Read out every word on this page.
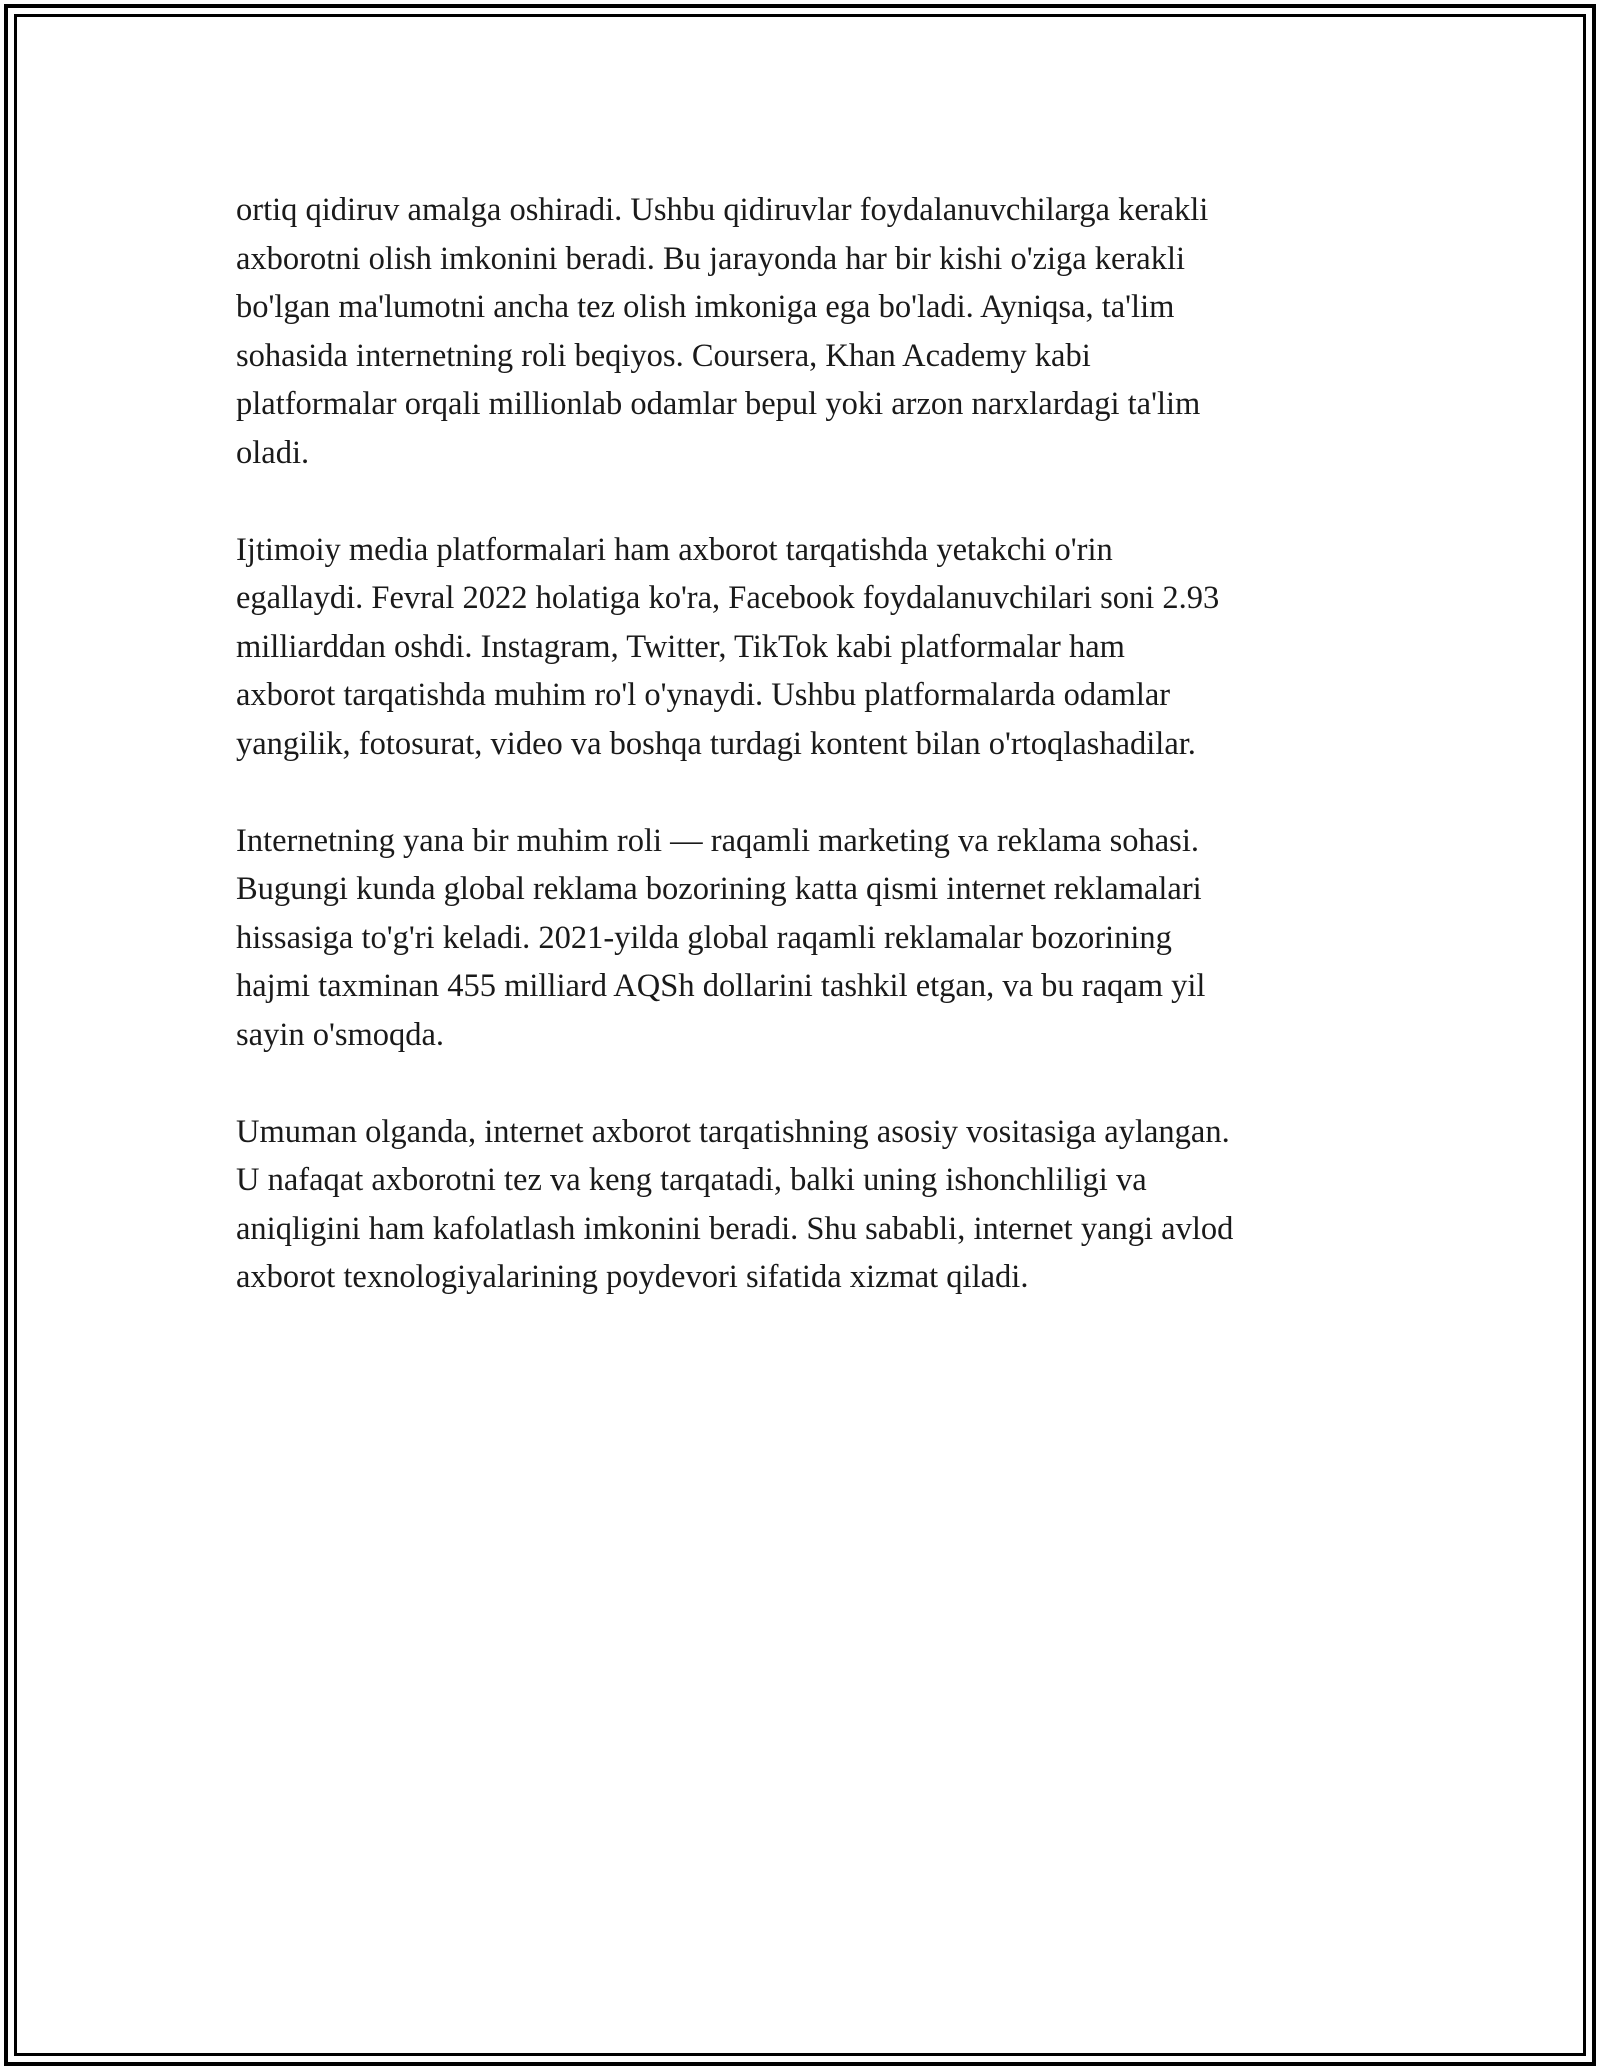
ortiq qidiruv amalga oshiradi. Ushbu qidiruvlar foydalanuvchilarga kerakli
axborotni olish imkonini beradi. Bu jarayonda har bir kishi o'ziga kerakli
bo'lgan ma'lumotni ancha tez olish imkoniga ega bo'ladi. Ayniqsa, ta'lim
sohasida internetning roli beqiyos. Coursera, Khan Academy kabi
platformalar orqali millionlab odamlar bepul yoki arzon narxlardagi ta'lim
oladi.

Ijtimoiy media platformalari ham axborot tarqatishda yetakchi o'rin
egallaydi. Fevral 2022 holatiga ko'ra, Facebook foydalanuvchilari soni 2.93
milliarddan oshdi. Instagram, Twitter, TikTok kabi platformalar ham
axborot tarqatishda muhim ro'l o'ynaydi. Ushbu platformalarda odamlar
yangilik, fotosurat, video va boshqa turdagi kontent bilan o'rtoqlashadilar.

Internetning yana bir muhim roli — raqamli marketing va reklama sohasi.
Bugungi kunda global reklama bozorining katta qismi internet reklamalari
hissasiga to'g'ri keladi. 2021-yilda global raqamli reklamalar bozorining
hajmi taxminan 455 milliard AQSh dollarini tashkil etgan, va bu raqam yil
sayin o'smoqda.

Umuman olganda, internet axborot tarqatishning asosiy vositasiga aylangan.
U nafaqat axborotni tez va keng tarqatadi, balki uning ishonchliligi va
aniqligini ham kafolatlash imkonini beradi. Shu sababli, internet yangi avlod
axborot texnologiyalarining poydevori sifatida xizmat qiladi.
